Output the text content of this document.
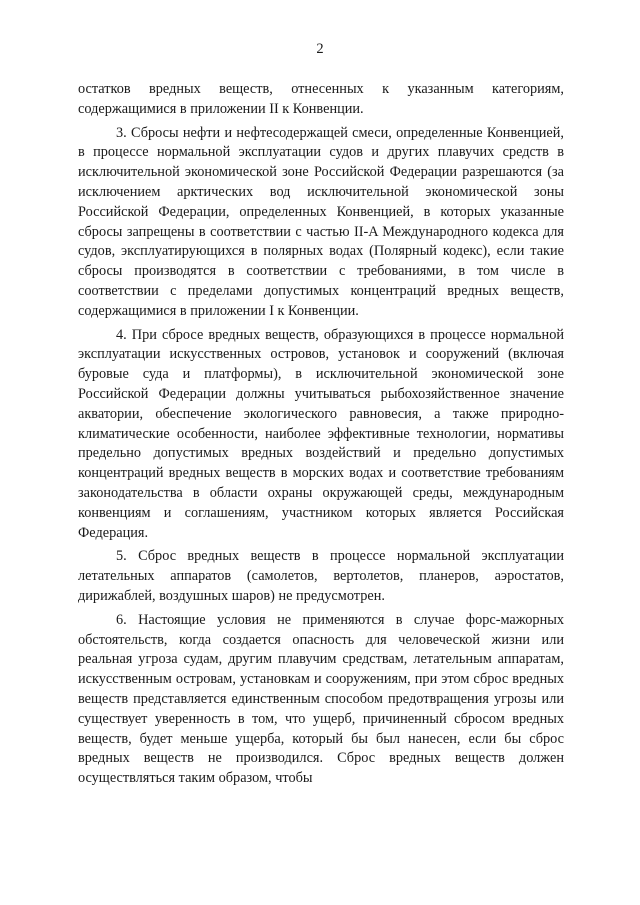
2

остатков вредных веществ, отнесенных к указанным категориям, содержащимися в приложении II к Конвенции.

3. Сбросы нефти и нефтесодержащей смеси, определенные Конвенцией, в процессе нормальной эксплуатации судов и других плавучих средств в исключительной экономической зоне Российской Федерации разрешаются (за исключением арктических вод исключительной экономической зоны Российской Федерации, определенных Конвенцией, в которых указанные сбросы запрещены в соответствии с частью II-A Международного кодекса для судов, эксплуатирующихся в полярных водах (Полярный кодекс), если такие сбросы производятся в соответствии с требованиями, в том числе в соответствии с пределами допустимых концентраций вредных веществ, содержащимися в приложении I к Конвенции.

4. При сбросе вредных веществ, образующихся в процессе нормальной эксплуатации искусственных островов, установок и сооружений (включая буровые суда и платформы), в исключительной экономической зоне Российской Федерации должны учитываться рыбохозяйственное значение акватории, обеспечение экологического равновесия, а также природно-климатические особенности, наиболее эффективные технологии, нормативы предельно допустимых вредных воздействий и предельно допустимых концентраций вредных веществ в морских водах и соответствие требованиям законодательства в области охраны окружающей среды, международным конвенциям и соглашениям, участником которых является Российская Федерация.

5. Сброс вредных веществ в процессе нормальной эксплуатации летательных аппаратов (самолетов, вертолетов, планеров, аэростатов, дирижаблей, воздушных шаров) не предусмотрен.

6. Настоящие условия не применяются в случае форс-мажорных обстоятельств, когда создается опасность для человеческой жизни или реальная угроза судам, другим плавучим средствам, летательным аппаратам, искусственным островам, установкам и сооружениям, при этом сброс вредных веществ представляется единственным способом предотвращения угрозы или существует уверенность в том, что ущерб, причиненный сбросом вредных веществ, будет меньше ущерба, который бы был нанесен, если бы сброс вредных веществ не производился. Сброс вредных веществ должен осуществляться таким образом, чтобы
